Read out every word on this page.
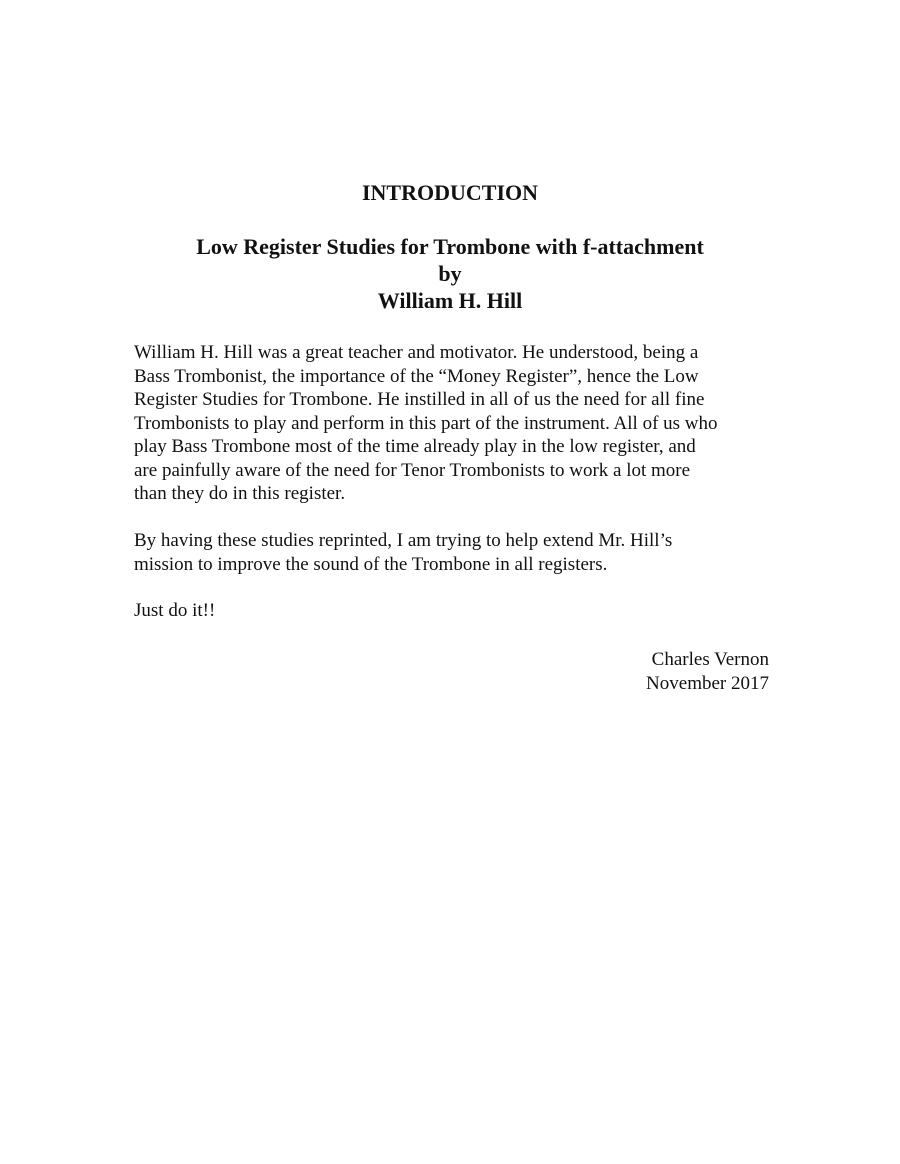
INTRODUCTION
Low Register Studies for Trombone with f-attachment
by
William H. Hill

William H. Hill was a great teacher and motivator. He understood, being a
Bass Trombonist, the importance of the “Money Register”, hence the Low
Register Studies for Trombone. He instilled in all of us the need for all fine
Trombonists to play and perform in this part of the instrument. All of us who
play Bass Trombone most of the time already play in the low register, and
are painfully aware of the need for Tenor Trombonists to work a lot more
than they do in this register.

By having these studies reprinted, I am trying to help extend Mr. Hill’s
mission to improve the sound of the Trombone in all registers.

Just do it!!

Charles Vernon
November 2017
